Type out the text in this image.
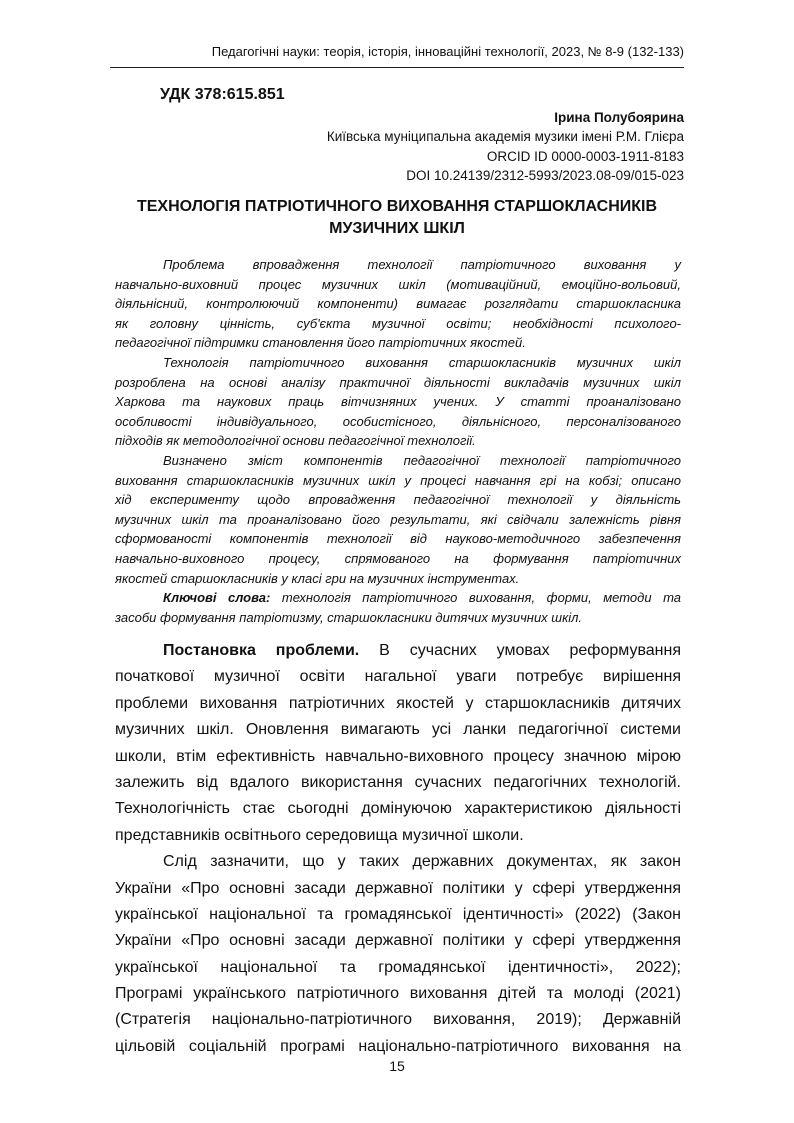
Педагогічні науки: теорія, історія, інноваційні технології, 2023, № 8-9 (132-133)
УДК 378:615.851
Ірина Полубоярина
Київська муніципальна академія музики імені Р.М. Глієра
ORCID ID 0000-0003-1911-8183
DOI 10.24139/2312-5993/2023.08-09/015-023
ТЕХНОЛОГІЯ ПАТРІОТИЧНОГО ВИХОВАННЯ СТАРШОКЛАСНИКІВ
МУЗИЧНИХ ШКІЛ
Проблема впровадження технології патріотичного виховання у
навчально-виховний процес музичних шкіл (мотиваційний, емоційно-вольовий,
діяльнісний, контролюючий компоненти) вимагає розглядати старшокласника
як головну цінність, суб'єкта музичної освіти; необхідності психолого-
педагогічної підтримки становлення його патріотичних якостей.
Технологія патріотичного виховання старшокласників музичних шкіл
розроблена на основі аналізу практичної діяльності викладачів музичних шкіл
Харкова та наукових праць вітчизняних учених. У статті проаналізовано
особливості індивідуального, особистісного, діяльнісного, персоналізованого
підходів як методологічної основи педагогічної технології.
Визначено зміст компонентів педагогічної технології патріотичного
виховання старшокласників музичних шкіл у процесі навчання грі на кобзі; описано
хід експерименту щодо впровадження педагогічної технології у діяльність
музичних шкіл та проаналізовано його результати, які свідчали залежність рівня
сформованості компонентів технології від науково-методичного забезпечення
навчально-виховного процесу, спрямованого на формування патріотичних
якостей старшокласників у класі гри на музичних інструментах.
Ключові слова: технологія патріотичного виховання, форми, методи та
засоби формування патріотизму, старшокласники дитячих музичних шкіл.
Постановка проблеми. В сучасних умовах реформування
початкової музичної освіти нагальної уваги потребує вирішення
проблеми виховання патріотичних якостей у старшокласників дитячих
музичних шкіл. Оновлення вимагають усі ланки педагогічної системи
школи, втім ефективність навчально-виховного процесу значною мірою
залежить від вдалого використання сучасних педагогічних технологій.
Технологічність стає сьогодні домінуючою характеристикою діяльності
представників освітнього середовища музичної школи.
Слід зазначити, що у таких державних документах, як закон
України «Про основні засади державної політики у сфері утвердження
української національної та громадянської ідентичності» (2022) (Закон
України «Про основні засади державної політики у сфері утвердження
української національної та громадянської ідентичності», 2022);
Програмі українського патріотичного виховання дітей та молоді (2021)
(Стратегія національно-патріотичного виховання, 2019); Державній
цільовій соціальній програмі національно-патріотичного виховання на
15
